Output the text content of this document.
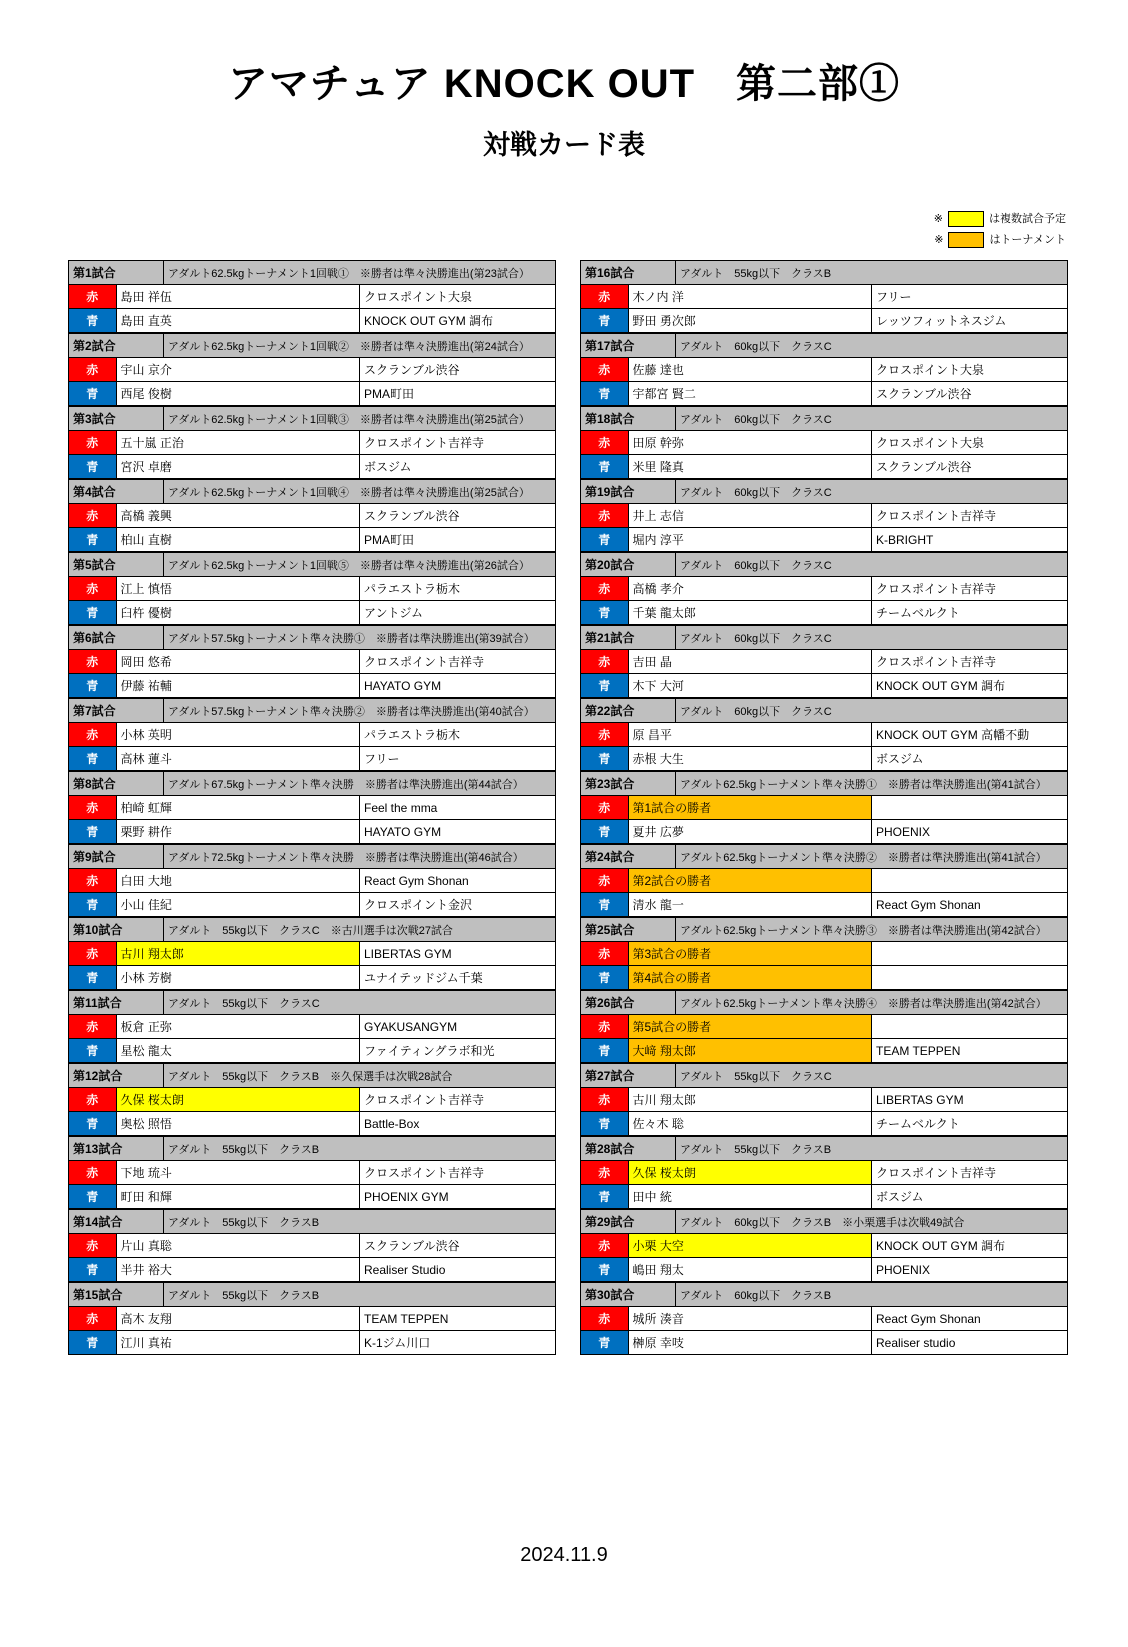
アマチュア KNOCK OUT　第二部①
対戦カード表
※	は複数試合予定
※	はトーナメント
第1試合		アダルト62.5kgトーナメント1回戦①　※勝者は準々決勝進出(第23試合）	
赤	島田 祥伍		クロスポイント大泉
青	島田 直英		KNOCK OUT GYM 調布
第2試合		アダルト62.5kgトーナメント1回戦②　※勝者は準々決勝進出(第24試合）	
赤	宇山 京介		スクランブル渋谷
青	西尾 俊樹		PMA町田
第3試合		アダルト62.5kgトーナメント1回戦③　※勝者は準々決勝進出(第25試合）	
赤	五十嵐 正治		クロスポイント吉祥寺
青	宮沢 卓磨		ボスジム
第4試合		アダルト62.5kgトーナメント1回戦④　※勝者は準々決勝進出(第25試合）	
赤	高橋 義興		スクランブル渋谷
青	柏山 直樹		PMA町田
第5試合		アダルト62.5kgトーナメント1回戦⑤　※勝者は準々決勝進出(第26試合）	
赤	江上 慎悟		パラエストラ栃木
青	臼杵 優樹		アントジム
第6試合		アダルト57.5kgトーナメント準々決勝①　※勝者は準決勝進出(第39試合）	
赤	岡田 悠希		クロスポイント吉祥寺
青	伊藤 祐輔		HAYATO GYM
第7試合		アダルト57.5kgトーナメント準々決勝②　※勝者は準決勝進出(第40試合）	
赤	小林 英明		パラエストラ栃木
青	高林 蓮斗		フリー
第8試合		アダルト67.5kgトーナメント準々決勝　※勝者は準決勝進出(第44試合）	
赤	柏崎 虹輝		Feel the mma
青	栗野 耕作		HAYATO GYM
第9試合		アダルト72.5kgトーナメント準々決勝　※勝者は準決勝進出(第46試合）	
赤	白田 大地		React Gym Shonan
青	小山 佳紀		クロスポイント金沢
第10試合		アダルト　55kg以下　クラスC　※古川選手は次戦27試合	
赤	古川 翔太郎		LIBERTAS GYM
青	小林 芳樹		ユナイテッドジム千葉
第11試合		アダルト　55kg以下　クラスC	
赤	板倉 正弥		GYAKUSANGYM
青	星松 龍太		ファイティングラボ和光
第12試合		アダルト　55kg以下　クラスB　※久保選手は次戦28試合	
赤	久保 桜太朗		クロスポイント吉祥寺
青	奥松 照悟		Battle-Box
第13試合		アダルト　55kg以下　クラスB	
赤	下地 琉斗		クロスポイント吉祥寺
青	町田 和輝		PHOENIX GYM
第14試合		アダルト　55kg以下　クラスB	
赤	片山 真聡		スクランブル渋谷
青	半井 裕大		Realiser Studio
第15試合		アダルト　55kg以下　クラスB	
赤	高木 友翔		TEAM TEPPEN
青	江川 真祐		K-1ジム川口
第16試合		アダルト　55kg以下　クラスB	
赤	木ノ内 洋		フリー
青	野田 勇次郎		レッツフィットネスジム
第17試合		アダルト　60kg以下　クラスC	
赤	佐藤 達也		クロスポイント大泉
青	宇都宮 賢二		スクランブル渋谷
第18試合		アダルト　60kg以下　クラスC	
赤	田原 幹弥		クロスポイント大泉
青	米里 隆真		スクランブル渋谷
第19試合		アダルト　60kg以下　クラスC	
赤	井上 志信		クロスポイント吉祥寺
青	堀内 淳平		K-BRIGHT
第20試合		アダルト　60kg以下　クラスC	
赤	高橋 孝介		クロスポイント吉祥寺
青	千葉 龍太郎		チームベルクト
第21試合		アダルト　60kg以下　クラスC	
赤	吉田 晶		クロスポイント吉祥寺
青	木下 大河		KNOCK OUT GYM 調布
第22試合		アダルト　60kg以下　クラスC	
赤	原 昌平		KNOCK OUT GYM 高幡不動
青	赤根 大生		ボスジム
第23試合		アダルト62.5kgトーナメント準々決勝①　※勝者は準決勝進出(第41試合）	
赤	第1試合の勝者		
青	夏井 広夢		PHOENIX
第24試合		アダルト62.5kgトーナメント準々決勝②　※勝者は準決勝進出(第41試合）	
赤	第2試合の勝者		
青	清水 龍一		React Gym Shonan
第25試合		アダルト62.5kgトーナメント準々決勝③　※勝者は準決勝進出(第42試合）	
赤	第3試合の勝者		
青	第4試合の勝者		
第26試合		アダルト62.5kgトーナメント準々決勝④　※勝者は準決勝進出(第42試合）	
赤	第5試合の勝者		
青	大﨑 翔太郎		TEAM TEPPEN
第27試合		アダルト　55kg以下　クラスC	
赤	古川 翔太郎		LIBERTAS GYM
青	佐々木 聡		チームベルクト
第28試合		アダルト　55kg以下　クラスB	
赤	久保 桜太朗		クロスポイント吉祥寺
青	田中 統		ボスジム
第29試合		アダルト　60kg以下　クラスB　※小栗選手は次戦49試合	
赤	小栗 大空		KNOCK OUT GYM 調布
青	嶋田 翔太		PHOENIX
第30試合		アダルト　60kg以下　クラスB	
赤	城所 湊音		React Gym Shonan
青	榊原 幸吱		Realiser studio
2024.11.9
